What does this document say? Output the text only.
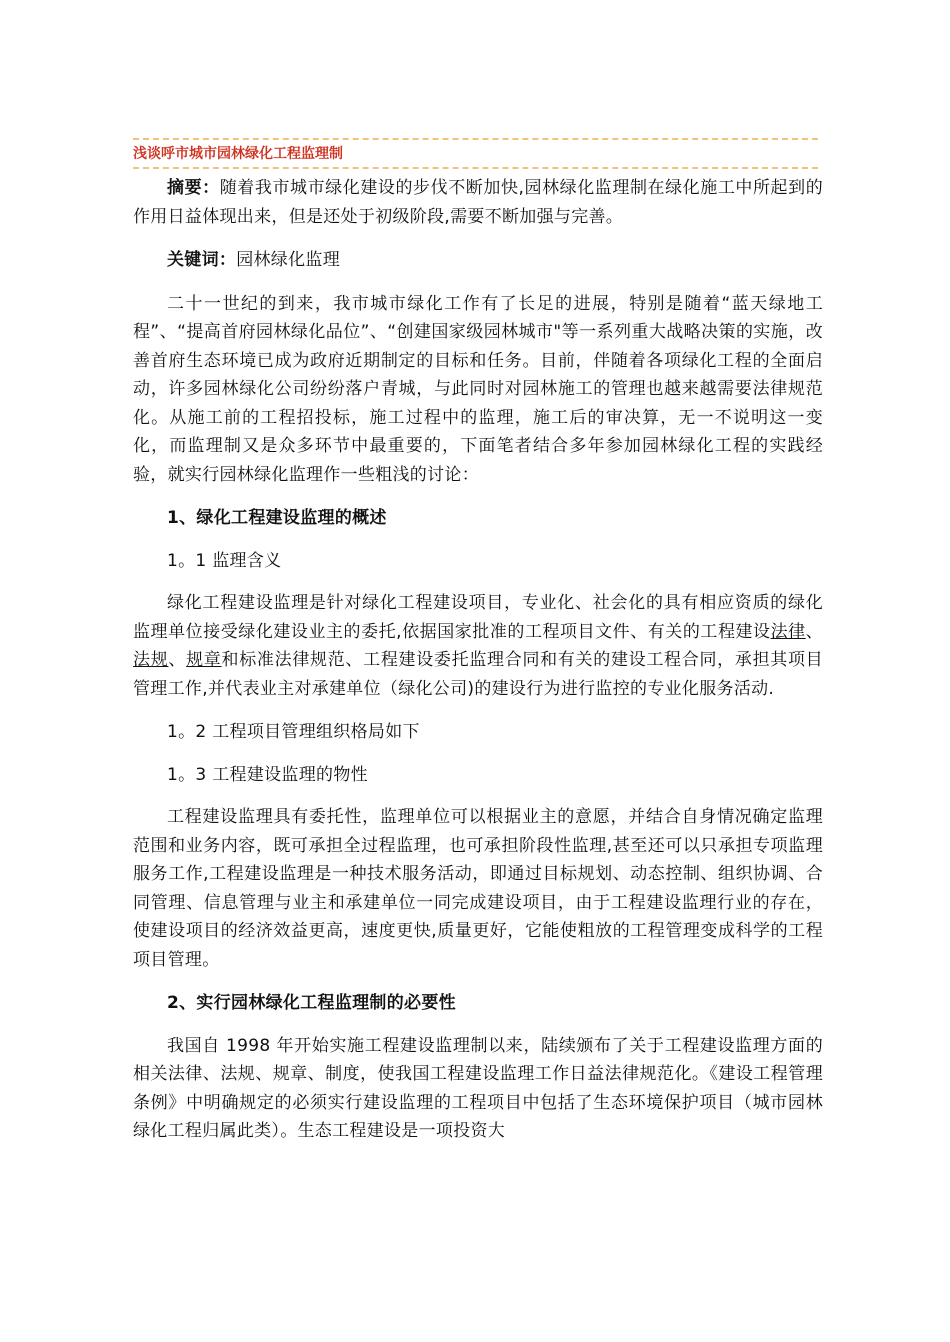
浅谈呼市城市园林绿化工程监理制

摘要：随着我市城市绿化建设的步伐不断加快,园林绿化监理制在绿化施工中所起到的作用日益体现出来，但是还处于初级阶段,需要不断加强与完善。

关键词：园林绿化监理

二十一世纪的到来，我市城市绿化工作有了长足的进展，特别是随着“蓝天绿地工程”、“提高首府园林绿化品位”、“创建国家级园林城市"等一系列重大战略决策的实施，改善首府生态环境已成为政府近期制定的目标和任务。目前，伴随着各项绿化工程的全面启动，许多园林绿化公司纷纷落户青城，与此同时对园林施工的管理也越来越需要法律规范化。从施工前的工程招投标，施工过程中的监理，施工后的审决算，无一不说明这一变化，而监理制又是众多环节中最重要的，下面笔者结合多年参加园林绿化工程的实践经验，就实行园林绿化监理作一些粗浅的讨论：

1、绿化工程建设监理的概述

1。1 监理含义

绿化工程建设监理是针对绿化工程建设项目，专业化、社会化的具有相应资质的绿化监理单位接受绿化建设业主的委托,依据国家批准的工程项目文件、有关的工程建设法律、法规、规章和标准法律规范、工程建设委托监理合同和有关的建设工程合同，承担其项目管理工作,并代表业主对承建单位（绿化公司)的建设行为进行监控的专业化服务活动.

1。2 工程项目管理组织格局如下

1。3 工程建设监理的物性

工程建设监理具有委托性，监理单位可以根据业主的意愿，并结合自身情况确定监理范围和业务内容，既可承担全过程监理，也可承担阶段性监理,甚至还可以只承担专项监理服务工作,工程建设监理是一种技术服务活动，即通过目标规划、动态控制、组织协调、合同管理、信息管理与业主和承建单位一同完成建设项目，由于工程建设监理行业的存在，使建设项目的经济效益更高，速度更快,质量更好，它能使粗放的工程管理变成科学的工程项目管理。

2、实行园林绿化工程监理制的必要性

我国自 1998 年开始实施工程建设监理制以来，陆续颁布了关于工程建设监理方面的相关法律、法规、规章、制度，使我国工程建设监理工作日益法律规范化。《建设工程管理条例》中明确规定的必须实行建设监理的工程项目中包括了生态环境保护项目（城市园林绿化工程归属此类）。生态工程建设是一项投资大
